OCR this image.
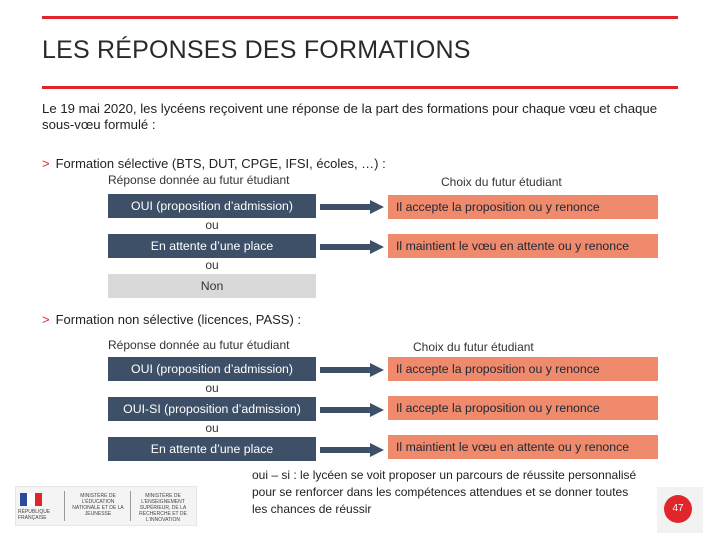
LES RÉPONSES DES FORMATIONS
Le 19 mai 2020, les lycéens reçoivent une réponse de la part des formations pour chaque vœu et chaque sous-vœu formulé :
> Formation sélective (BTS, DUT, CPGE, IFSI, écoles, …) :
Réponse donnée au futur étudiant	Choix du futur étudiant
OUI (proposition d’admission)
ou
En attente d’une place
ou
Non
Il accepte la proposition ou y renonce
Il maintient le vœu en attente ou y renonce
> Formation non sélective (licences, PASS) :
Réponse donnée au futur étudiant	Choix du futur étudiant
OUI (proposition d’admission)
ou
OUI-SI (proposition d’admission)
ou
En attente d’une place
Il accepte la proposition ou y renonce
Il accepte la proposition ou y renonce
Il maintient le vœu en attente ou y renonce
oui – si : le lycéen se voit proposer un parcours de réussite personnalisé pour se renforcer dans les compétences attendues et se donner toutes les chances de réussir
RÉPUBLIQUE FRANÇAISE
MINISTÈRE DE L’ÉDUCATION NATIONALE ET DE LA JEUNESSE
MINISTÈRE DE L’ENSEIGNEMENT SUPÉRIEUR, DE LA RECHERCHE ET DE L’INNOVATION
47
